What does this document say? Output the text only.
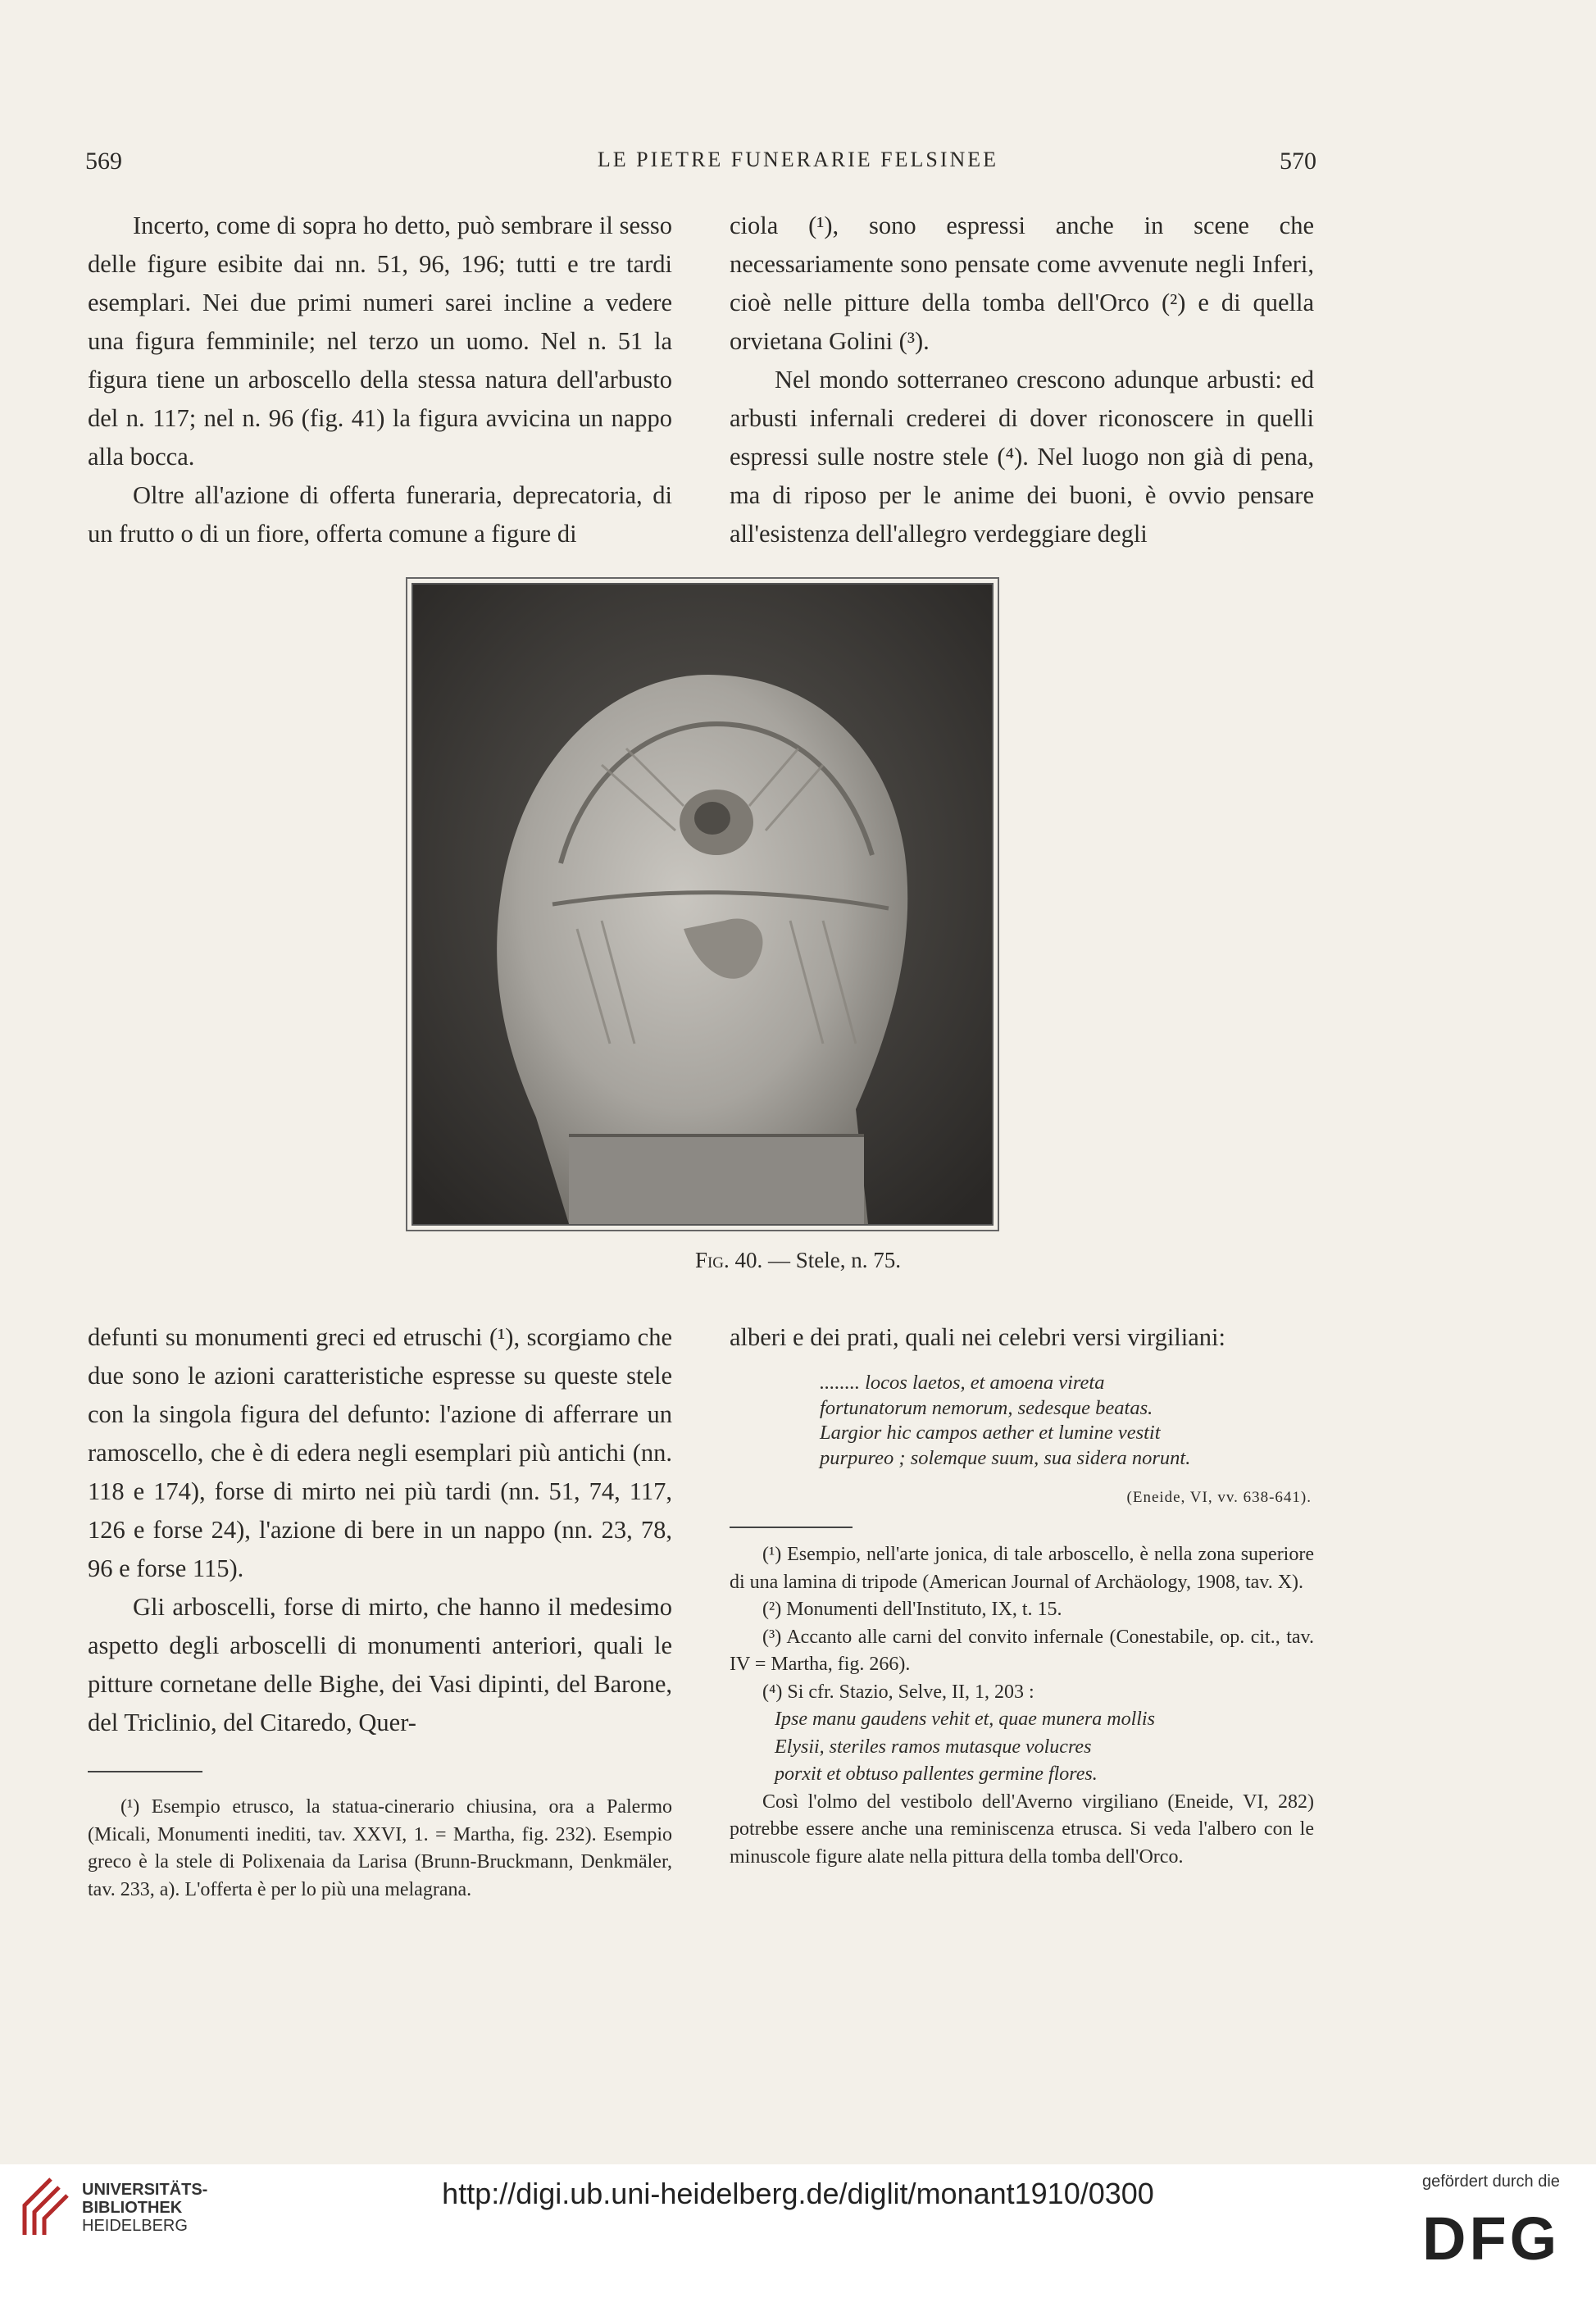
569	LE PIETRE FUNERARIE FELSINEE	570

Incerto, come di sopra ho detto, può sembrare il sesso delle figure esibite dai nn. 51, 96, 196; tutti e tre tardi esemplari. Nei due primi numeri sarei incline a vedere una figura femminile; nel terzo un uomo. Nel n. 51 la figura tiene un arboscello della stessa natura dell'arbusto del n. 117; nel n. 96 (fig. 41) la figura avvicina un nappo alla bocca.

Oltre all'azione di offerta funeraria, deprecatoria, di un frutto o di un fiore, offerta comune a figure di

ciola (¹), sono espressi anche in scene che necessariamente sono pensate come avvenute negli Inferi, cioè nelle pitture della tomba dell'Orco (²) e di quella orvietana Golini (³).

Nel mondo sotterraneo crescono adunque arbusti: ed arbusti infernali crederei di dover riconoscere in quelli espressi sulle nostre stele (⁴). Nel luogo non già di pena, ma di riposo per le anime dei buoni, è ovvio pensare all'esistenza dell'allegro verdeggiare degli

Fig. 40. — Stele, n. 75.

defunti su monumenti greci ed etruschi (¹), scorgiamo che due sono le azioni caratteristiche espresse su queste stele con la singola figura del defunto: l'azione di afferrare un ramoscello, che è di edera negli esemplari più antichi (nn. 118 e 174), forse di mirto nei più tardi (nn. 51, 74, 117, 126 e forse 24), l'azione di bere in un nappo (nn. 23, 78, 96 e forse 115).

Gli arboscelli, forse di mirto, che hanno il medesimo aspetto degli arboscelli di monumenti anteriori, quali le pitture cornetane delle Bighe, dei Vasi dipinti, del Barone, del Triclinio, del Citaredo, Quer-

(¹) Esempio etrusco, la statua-cinerario chiusina, ora a Palermo (Micali, Monumenti inediti, tav. XXVI, 1. = Martha, fig. 232). Esempio greco è la stele di Polixenaia da Larisa (Brunn-Bruckmann, Denkmäler, tav. 233, a). L'offerta è per lo più una melagrana.

alberi e dei prati, quali nei celebri versi virgiliani:

........ locos laetos, et amoena vireta

fortunatorum nemorum, sedesque beatas.

Largior hic campos aether et lumine vestit

purpureo ; solemque suum, sua sidera norunt.

(Eneide, VI, vv. 638-641).

(¹) Esempio, nell'arte jonica, di tale arboscello, è nella zona superiore di una lamina di tripode (American Journal of Archäology, 1908, tav. X).

(²) Monumenti dell'Instituto, IX, t. 15.

(³) Accanto alle carni del convito infernale (Conestabile, op. cit., tav. IV = Martha, fig. 266).

(⁴) Si cfr. Stazio, Selve, II, 1, 203 :

Ipse manu gaudens vehit et, quae munera mollis

Elysii, steriles ramos mutasque volucres

porxit et obtuso pallentes germine flores.

Così l'olmo del vestibolo dell'Averno virgiliano (Eneide, VI, 282) potrebbe essere anche una reminiscenza etrusca. Si veda l'albero con le minuscole figure alate nella pittura della tomba dell'Orco.

UNIVERSITÄTS-
BIBLIOTHEK
HEIDELBERG
http://digi.ub.uni-heidelberg.de/diglit/monant1910/0300	gefördert durch die
DFG
